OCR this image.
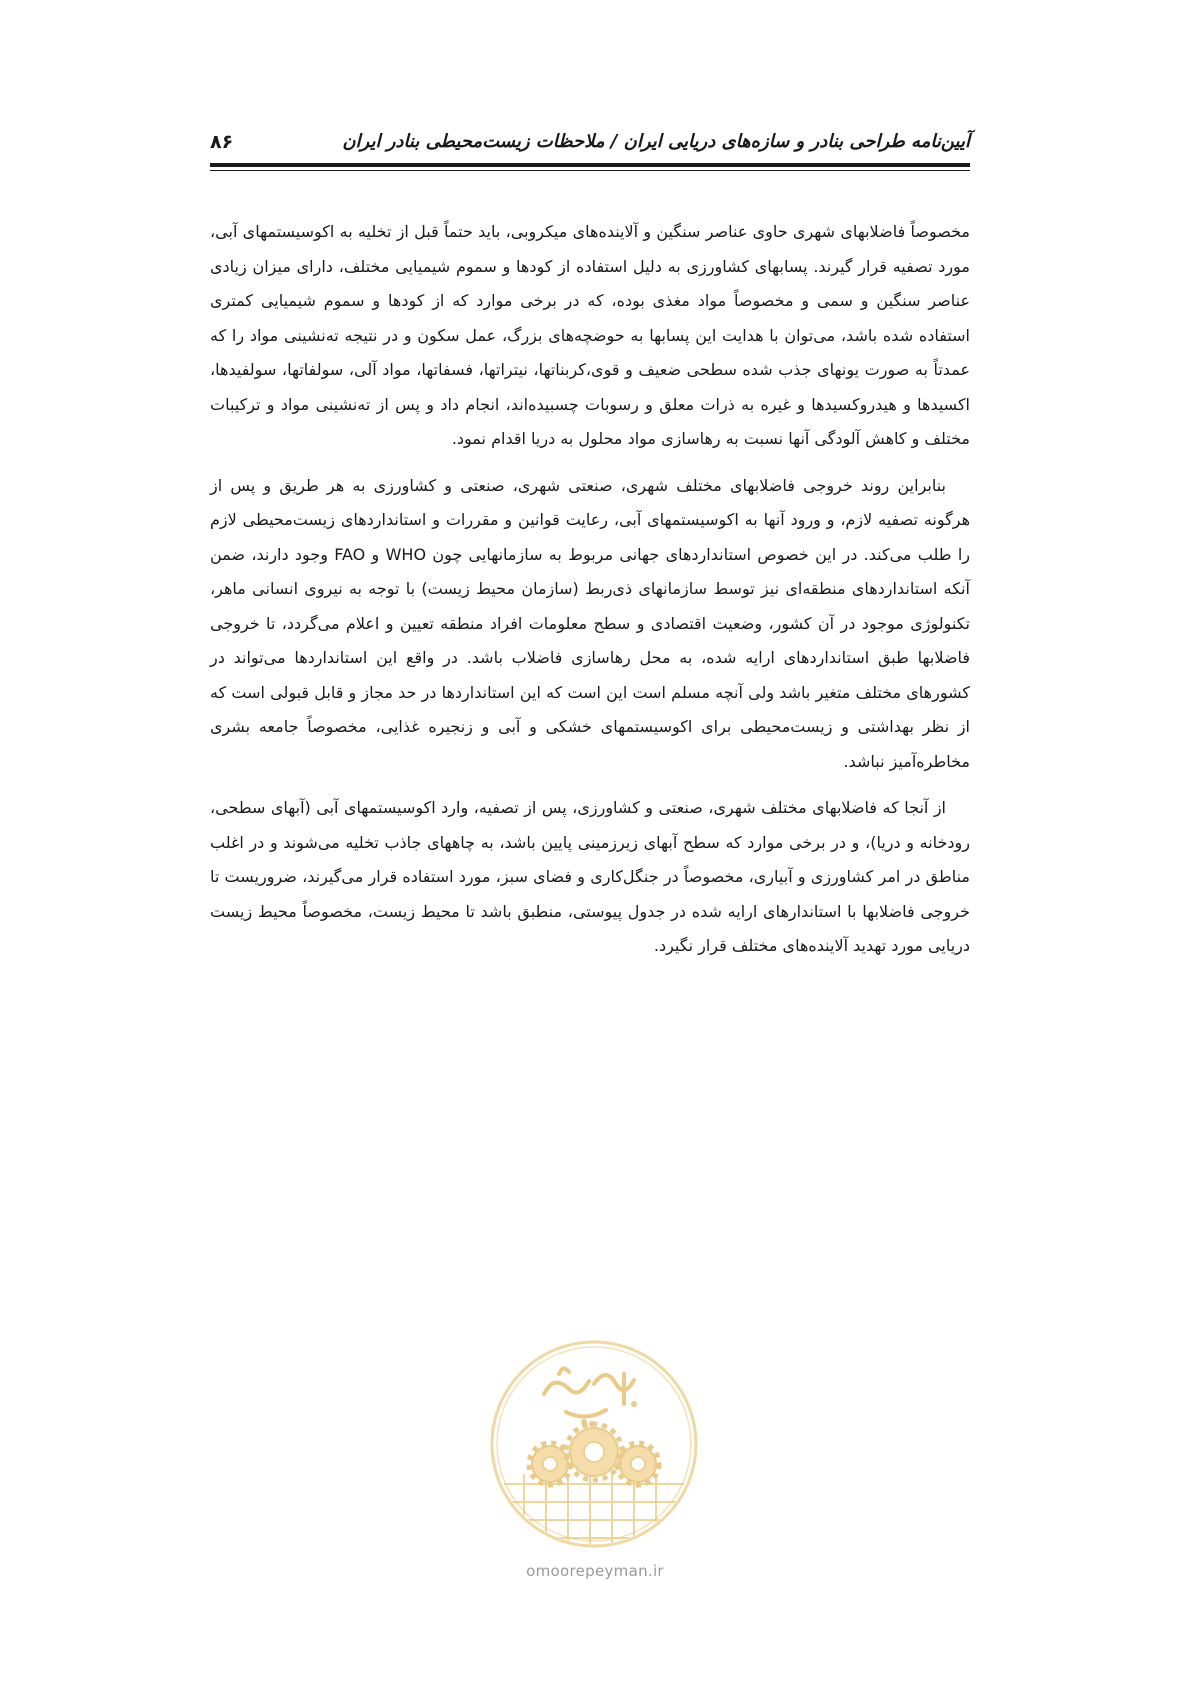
آیین‌نامه طراحی بنادر و سازه‌های دریایی ایران / ملاحظات زیست‌محیطی بنادر ایران
۸۶

مخصوصاً فاضلابهای شهری حاوی عناصر سنگین و آلاینده‌های میکروبی، باید حتماً قبل از تخلیه به اکوسیستمهای آبی، مورد تصفیه قرار گیرند. پسابهای کشاورزی به دلیل استفاده از کودها و سموم شیمیایی مختلف، دارای میزان زیادی عناصر سنگین و سمی و مخصوصاً مواد مغذی بوده، که در برخی موارد که از کودها و سموم شیمیایی کمتری استفاده شده باشد، می‌توان با هدایت این پسابها به حوضچه‌های بزرگ، عمل سکون و در نتیجه ته‌نشینی مواد را که عمدتاً به صورت یونهای جذب شده سطحی ضعیف و قوی،کربناتها، نیتراتها، فسفاتها، مواد آلی، سولفاتها، سولفیدها، اکسیدها و هیدروکسیدها و غیره به ذرات معلق و رسوبات چسبیده‌اند، انجام داد و پس از ته‌نشینی مواد و ترکیبات مختلف و کاهش آلودگی آنها نسبت به رهاسازی مواد محلول به دریا اقدام نمود.

بنابراین روند خروجی فاضلابهای مختلف شهری، صنعتی شهری، صنعتی و کشاورزی به هر طریق و پس از هرگونه تصفیه لازم، و ورود آنها به اکوسیستمهای آبی، رعایت قوانین و مقررات و استانداردهای زیست‌محیطی لازم را طلب می‌کند. در این خصوص استانداردهای جهانی مربوط به سازمانهایی چون WHO و FAO وجود دارند، ضمن آنکه استانداردهای منطقه‌ای نیز توسط سازمانهای ذی‌ربط (سازمان محیط زیست) با توجه به نیروی انسانی ماهر، تکنولوژی موجود در آن کشور، وضعیت اقتصادی و سطح معلومات افراد منطقه تعیین و اعلام می‌گردد، تا خروجی فاضلابها طبق استانداردهای ارایه شده، به محل رهاسازی فاضلاب باشد. در واقع این استانداردها می‌تواند در کشورهای مختلف متغیر باشد ولی آنچه مسلم است این است که این استانداردها در حد مجاز و قابل قبولی است که از نظر بهداشتی و زیست‌محیطی برای اکوسیستمهای خشکی و آبی و زنجیره غذایی، مخصوصاً جامعه بشری مخاطره‌آمیز نباشد.

از آنجا که فاضلابهای مختلف شهری، صنعتی و کشاورزی، پس از تصفیه، وارد اکوسیستمهای آبی (آبهای سطحی، رودخانه و دریا)، و در برخی موارد که سطح آبهای زیرزمینی پایین باشد، به چاههای جاذب تخلیه می‌شوند و در اغلب مناطق در امر کشاورزی و آبیاری، مخصوصاً در جنگل‌کاری و فضای سبز، مورد استفاده قرار می‌گیرند، ضروریست تا خروجی فاضلابها با استاندارهای ارایه شده در جدول پیوستی، منطبق باشد تا محیط زیست، مخصوصاً محیط زیست دریایی مورد تهدید آلاینده‌های مختلف قرار نگیرد.

omoorepeyman.ir
